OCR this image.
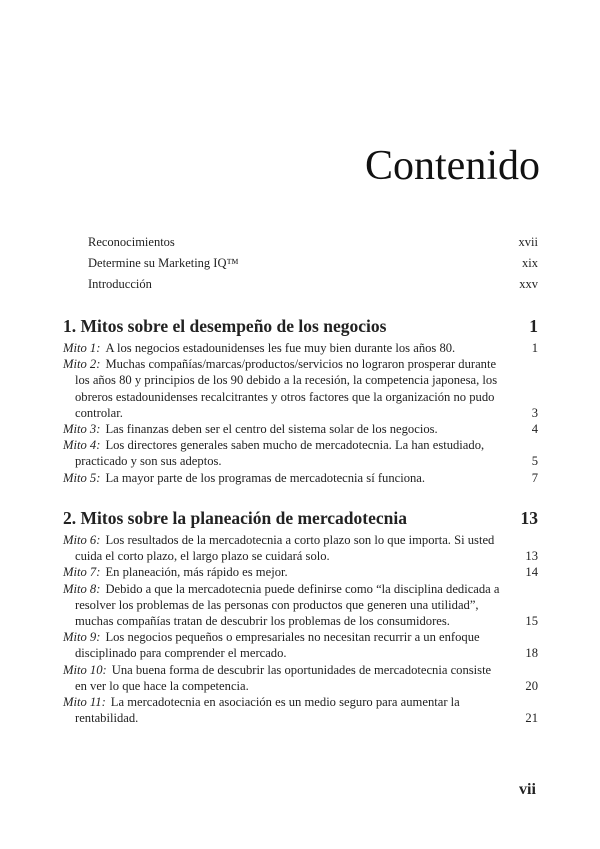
Contenido
Reconocimientos	xvii
Determine su Marketing IQ™	xix
Introducción	xxv
1. Mitos sobre el desempeño de los negocios	1
Mito 1: A los negocios estadounidenses les fue muy bien durante los años 80.	1
Mito 2: Muchas compañías/marcas/productos/servicios no lograron prosperar durante los años 80 y principios de los 90 debido a la recesión, la competencia japonesa, los obreros estadounidenses recalcitrantes y otros factores que la organización no pudo controlar.	3
Mito 3: Las finanzas deben ser el centro del sistema solar de los negocios.	4
Mito 4: Los directores generales saben mucho de mercadotecnia. La han estudiado, practicado y son sus adeptos.	5
Mito 5: La mayor parte de los programas de mercadotecnia sí funciona.	7
2. Mitos sobre la planeación de mercadotecnia	13
Mito 6: Los resultados de la mercadotecnia a corto plazo son lo que importa. Si usted cuida el corto plazo, el largo plazo se cuidará solo.	13
Mito 7: En planeación, más rápido es mejor.	14
Mito 8: Debido a que la mercadotecnia puede definirse como “la disciplina dedicada a resolver los problemas de las personas con productos que generen una utilidad”, muchas compañías tratan de descubrir los problemas de los consumidores.	15
Mito 9: Los negocios pequeños o empresariales no necesitan recurrir a un enfoque disciplinado para comprender el mercado.	18
Mito 10: Una buena forma de descubrir las oportunidades de mercadotecnia consiste en ver lo que hace la competencia.	20
Mito 11: La mercadotecnia en asociación es un medio seguro para aumentar la rentabilidad.	21
vii
